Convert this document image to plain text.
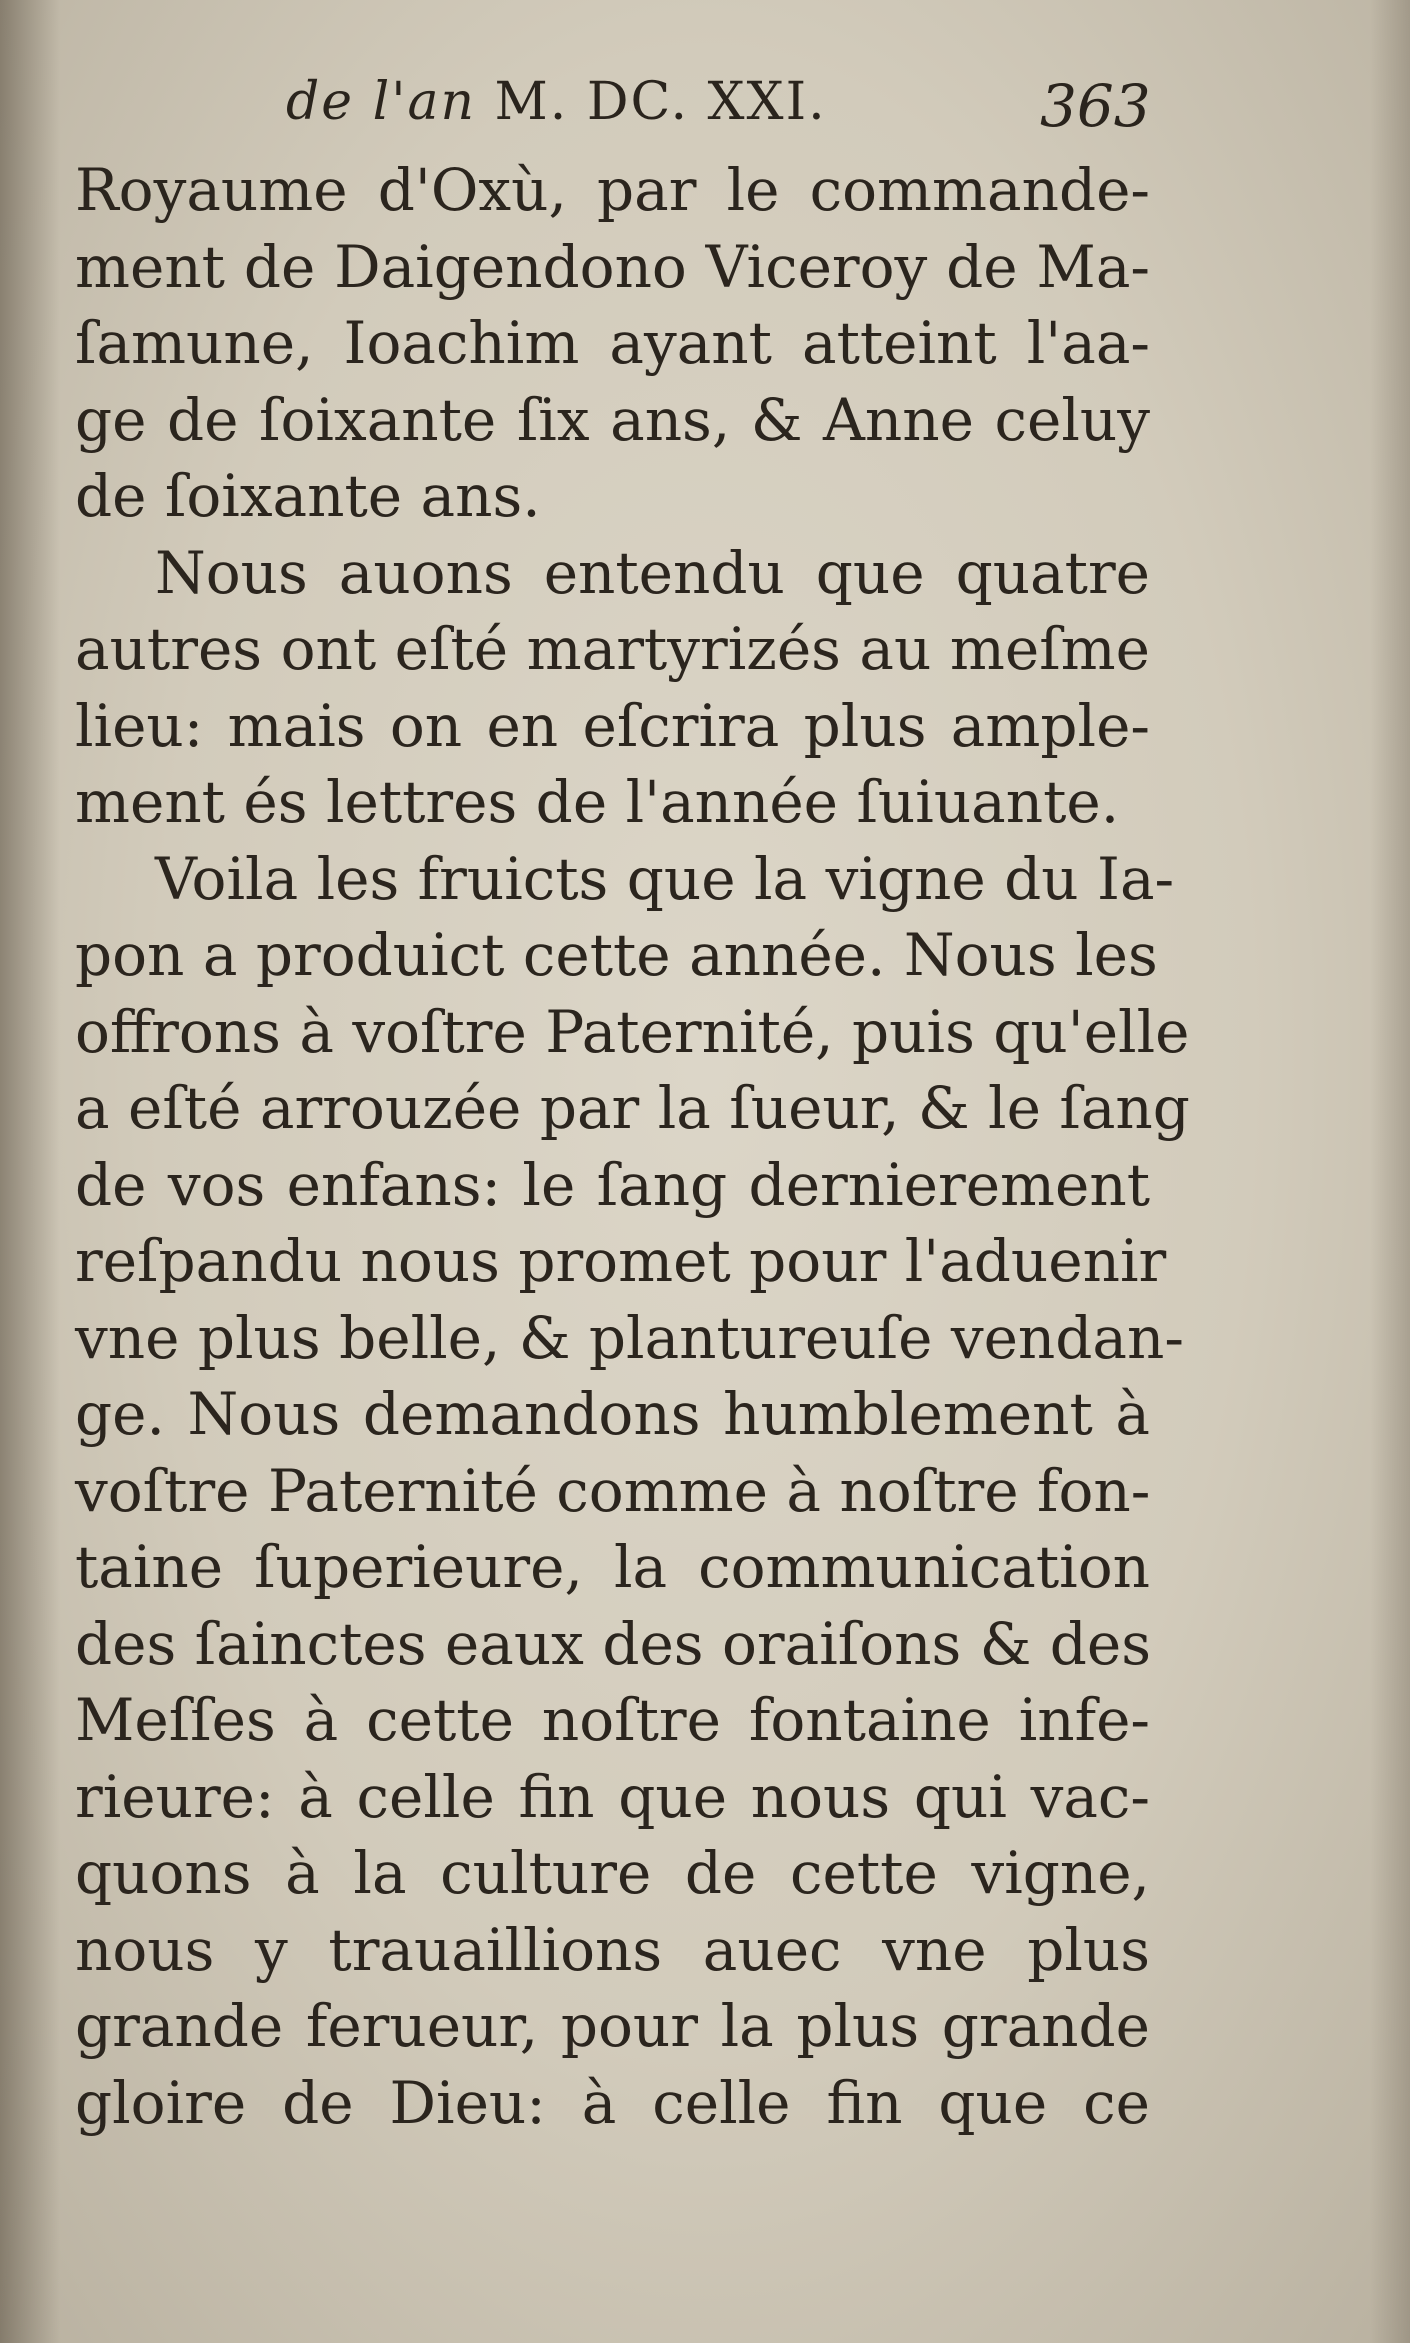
de l'an M. DC. XXI.	363
Royaume d'Oxù, par le commande-
ment de Daigendono Viceroy de Ma-
ſamune, Ioachim ayant atteint l'aa-
ge de ſoixante ſix ans, & Anne celuy
de ſoixante ans.
Nous auons entendu que quatre
autres ont eſté martyrizés au meſme
lieu: mais on en eſcrira plus ample-
ment és lettres de l'année ſuiuante.
Voila les fruicts que la vigne du Ia-
pon a produict cette année. Nous les
offrons à voſtre Paternité, puis qu'elle
a eſté arrouzée par la ſueur, & le ſang
de vos enfans: le ſang dernierement
reſpandu nous promet pour l'aduenir
vne plus belle, & plantureuſe vendan-
ge. Nous demandons humblement à
voſtre Paternité comme à noſtre fon-
taine ſuperieure, la communication
des ſainctes eaux des oraiſons & des
Meſſes à cette noſtre fontaine infe-
rieure: à celle fin que nous qui vac-
quons à la culture de cette vigne,
nous y trauaillions auec vne plus
grande ferueur, pour la plus grande
gloire de Dieu: à celle fin que ce
